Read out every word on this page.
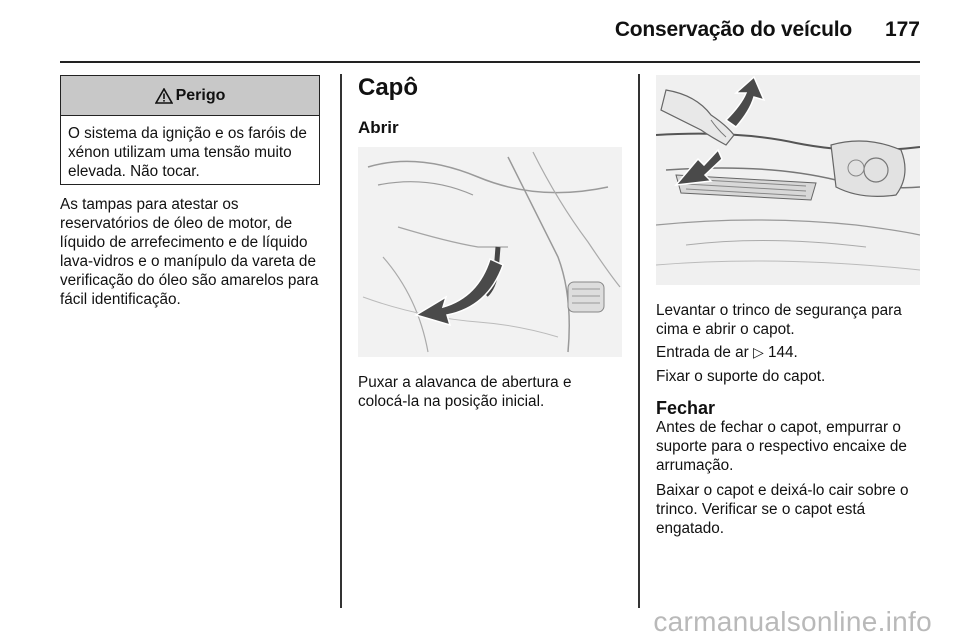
Conservação do veículo 177
Perigo
O sistema da ignição e os faróis de xénon utilizam uma tensão muito elevada. Não tocar.

As tampas para atestar os reservatórios de óleo de motor, de líquido de arrefecimento e de líquido lava-vidros e o manípulo da vareta de verificação do óleo são amarelos para fácil identificação.

Capô
Abrir

Puxar a alavanca de abertura e colocá-la na posição inicial.

Levantar o trinco de segurança para cima e abrir o capot.

Entrada de ar ▷ 144.

Fixar o suporte do capot.

Fechar

Antes de fechar o capot, empurrar o suporte para o respectivo encaixe de arrumação.

Baixar o capot e deixá-lo cair sobre o trinco. Verificar se o capot está engatado.

carmanualsonline.info
